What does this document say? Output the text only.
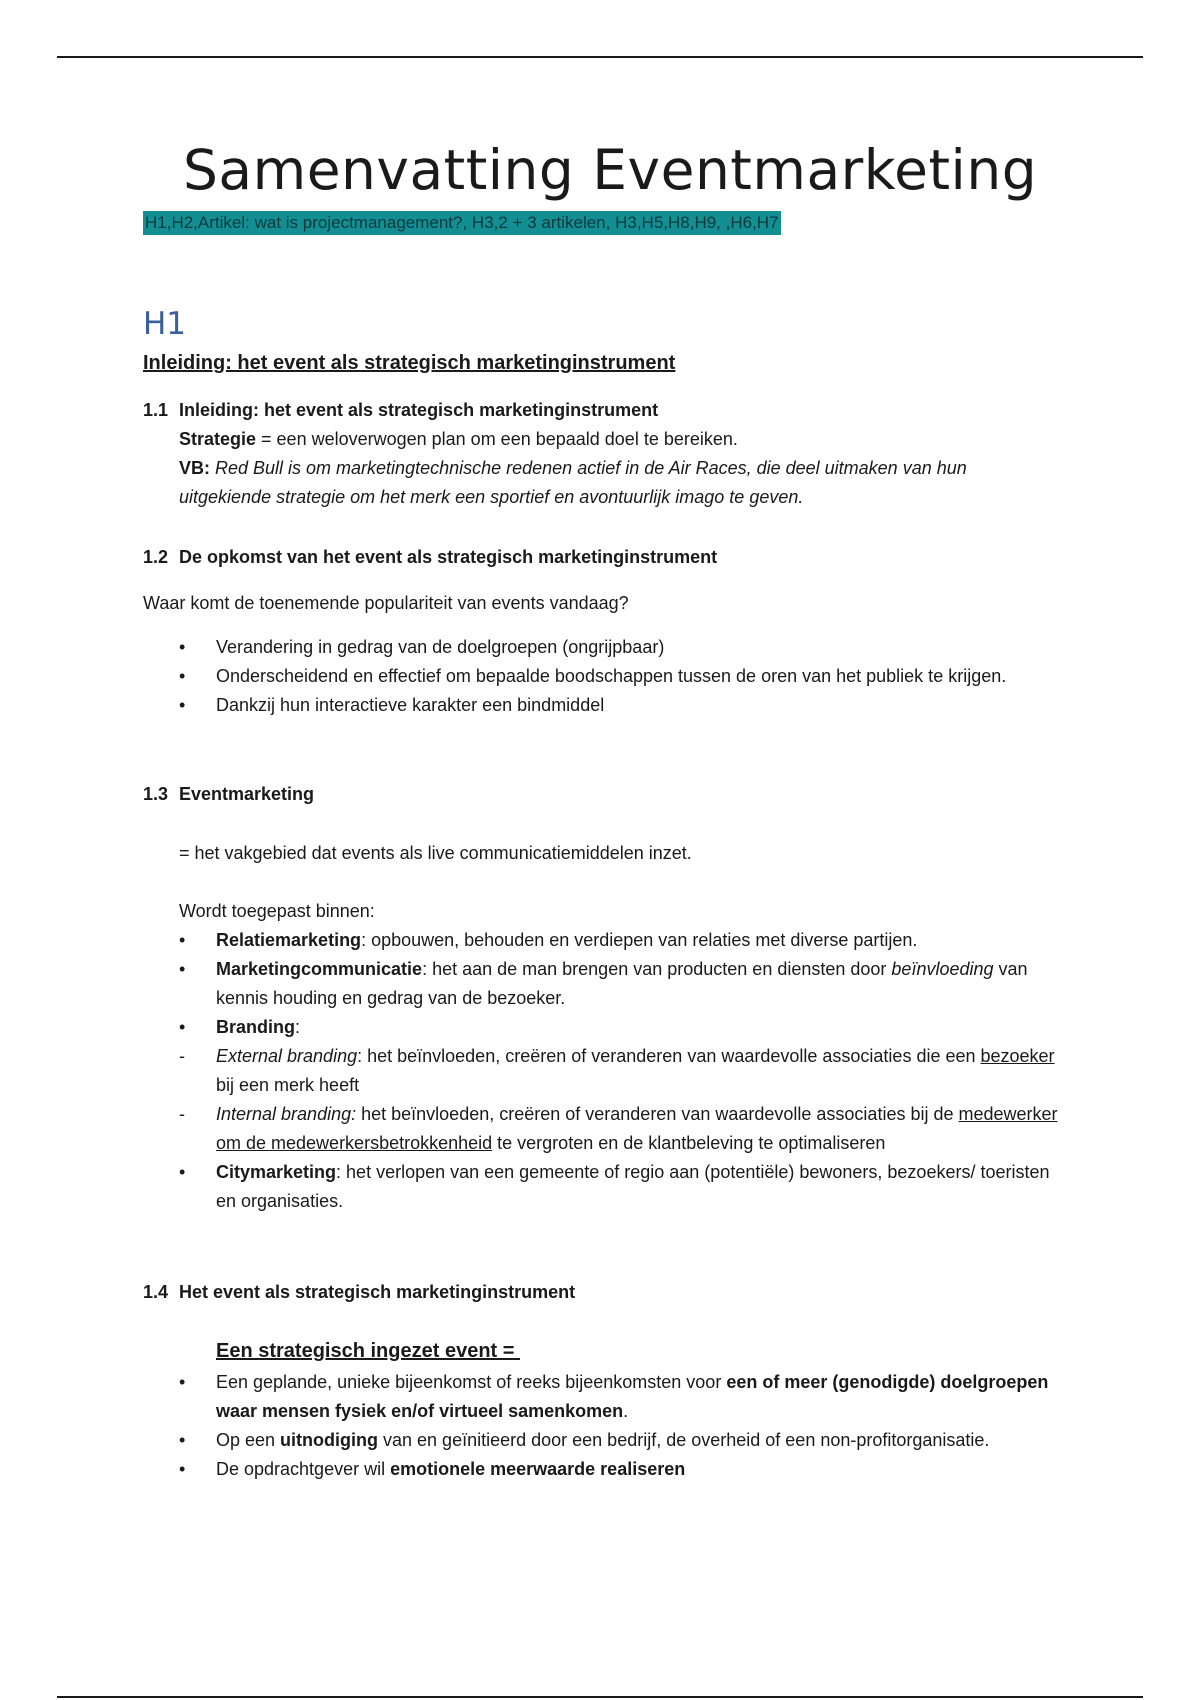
Samenvatting Eventmarketing
H1,H2,Artikel: wat is projectmanagement?, H3,2 + 3 artikelen, H3,H5,H8,H9, ,H6,H7
H1
Inleiding: het event als strategisch marketinginstrument
1.1 Inleiding: het event als strategisch marketinginstrument

Strategie = een weloverwogen plan om een bepaald doel te bereiken.

VB: Red Bull is om marketingtechnische redenen actief in de Air Races, die deel uitmaken van hun uitgekiende strategie om het merk een sportief en avontuurlijk imago te geven.

1.2 De opkomst van het event als strategisch marketinginstrument

Waar komt de toenemende populariteit van events vandaag?

•	Verandering in gedrag van de doelgroepen (ongrijpbaar)
•	Onderscheidend en effectief om bepaalde boodschappen tussen de oren van het publiek te krijgen.
•	Dankzij hun interactieve karakter een bindmiddel
1.3 Eventmarketing

= het vakgebied dat events als live communicatiemiddelen inzet.

Wordt toegepast binnen:

•	Relatiemarketing: opbouwen, behouden en verdiepen van relaties met diverse partijen.
•	Marketingcommunicatie: het aan de man brengen van producten en diensten door beïnvloeding van kennis houding en gedrag van de bezoeker.
•	Branding:
-	External branding: het beïnvloeden, creëren of veranderen van waardevolle associaties die een bezoeker bij een merk heeft
-	Internal branding: het beïnvloeden, creëren of veranderen van waardevolle associaties bij de medewerker om de medewerkersbetrokkenheid te vergroten en de klantbeleving te optimaliseren
•	Citymarketing: het verlopen van een gemeente of regio aan (potentiële) bewoners, bezoekers/ toeristen en organisaties.
1.4 Het event als strategisch marketinginstrument
Een strategisch ingezet event =
•	Een geplande, unieke bijeenkomst of reeks bijeenkomsten voor een of meer (genodigde) doelgroepen waar mensen fysiek en/of virtueel samenkomen.
•	Op een uitnodiging van en geïnitieerd door een bedrijf, de overheid of een non-profitorganisatie.
•	De opdrachtgever wil emotionele meerwaarde realiseren
